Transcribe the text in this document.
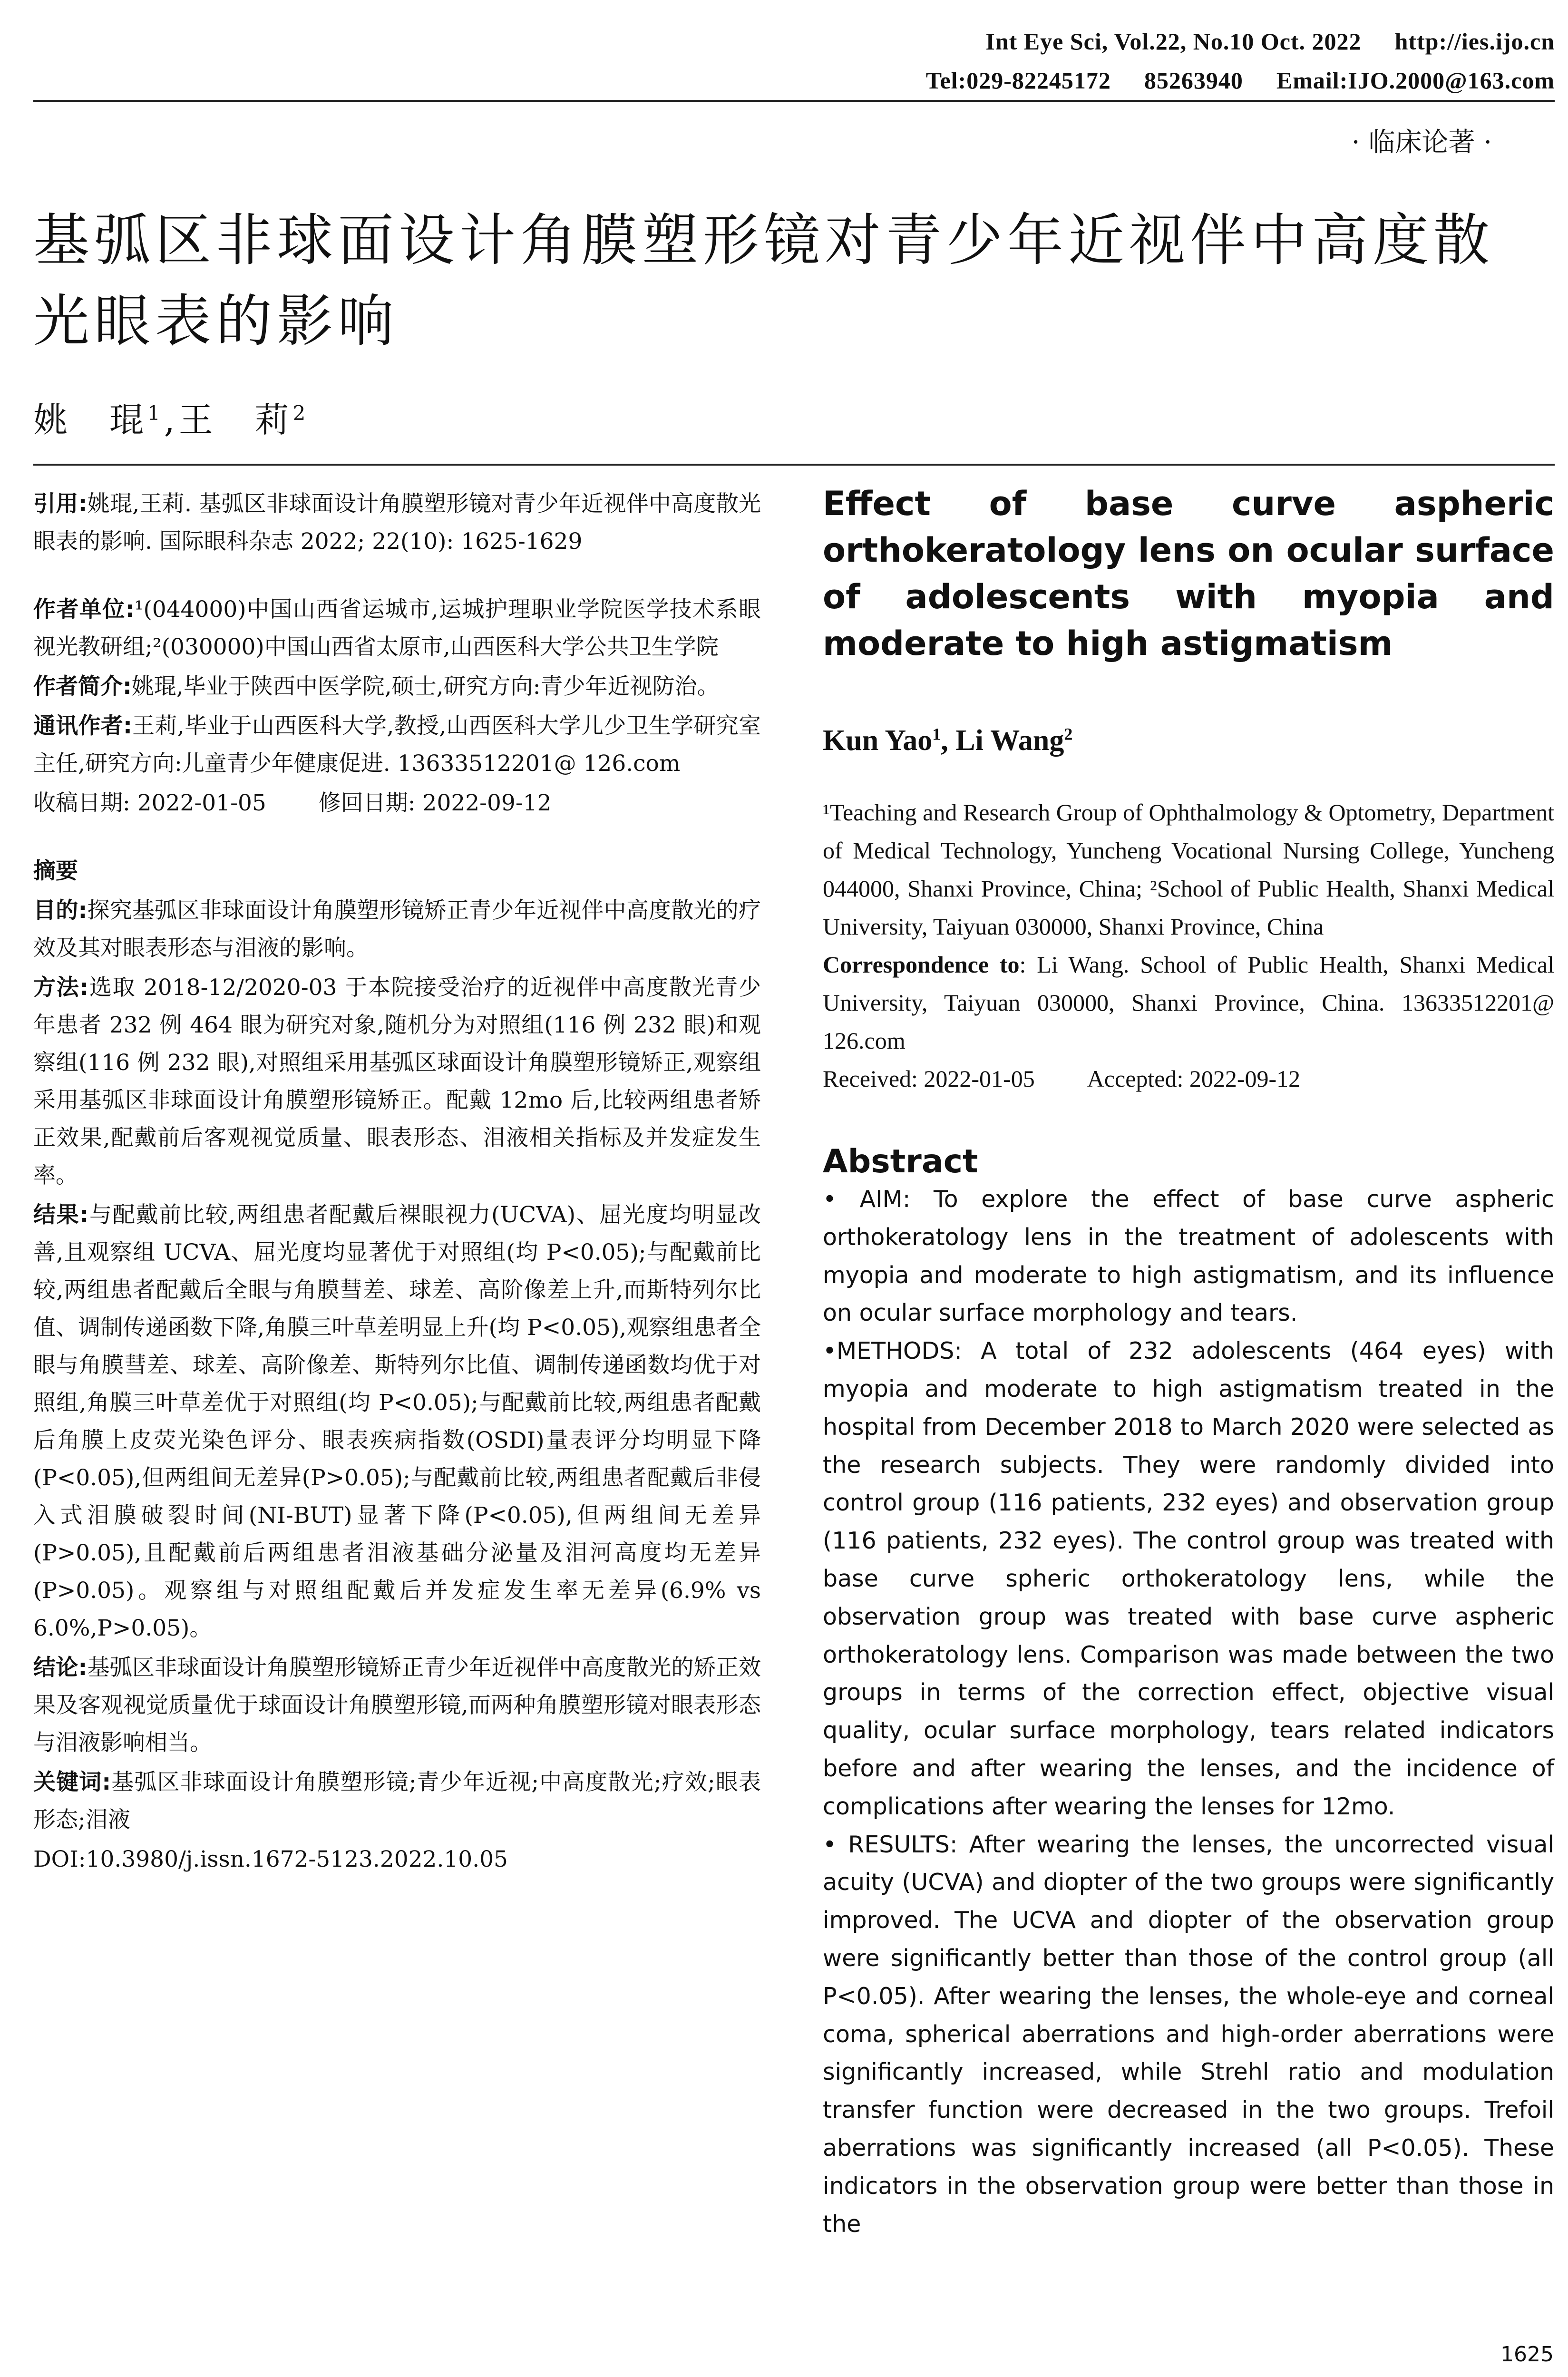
Int Eye Sci, Vol.22, No.10 Oct. 2022 http://ies.ijo.cn
Tel:029-82245172 85263940 Email:IJO.2000@163.com
· 临床论著 ·
基弧区非球面设计角膜塑形镜对青少年近视伴中高度散光眼表的影响
姚　琨$^1$,王　莉$^2$

引用:姚琨,王莉. 基弧区非球面设计角膜塑形镜对青少年近视伴中高度散光眼表的影响. 国际眼科杂志 2022; 22(10): 1625-1629

作者单位:¹(044000)中国山西省运城市,运城护理职业学院医学技术系眼视光教研组;²(030000)中国山西省太原市,山西医科大学公共卫生学院

作者简介:姚琨,毕业于陕西中医学院,硕士,研究方向:青少年近视防治。

通讯作者:王莉,毕业于山西医科大学,教授,山西医科大学儿少卫生学研究室主任,研究方向:儿童青少年健康促进. 13633512201@ 126.com

收稿日期: 2022-01-05 修回日期: 2022-09-12

摘要

目的:探究基弧区非球面设计角膜塑形镜矫正青少年近视伴中高度散光的疗效及其对眼表形态与泪液的影响。

方法:选取 2018-12/2020-03 于本院接受治疗的近视伴中高度散光青少年患者 232 例 464 眼为研究对象,随机分为对照组(116 例 232 眼)和观察组(116 例 232 眼),对照组采用基弧区球面设计角膜塑形镜矫正,观察组采用基弧区非球面设计角膜塑形镜矫正。配戴 12mo 后,比较两组患者矫正效果,配戴前后客观视觉质量、眼表形态、泪液相关指标及并发症发生率。

结果:与配戴前比较,两组患者配戴后裸眼视力(UCVA)、屈光度均明显改善,且观察组 UCVA、屈光度均显著优于对照组(均 P<0.05);与配戴前比较,两组患者配戴后全眼与角膜彗差、球差、高阶像差上升,而斯特列尔比值、调制传递函数下降,角膜三叶草差明显上升(均 P<0.05),观察组患者全眼与角膜彗差、球差、高阶像差、斯特列尔比值、调制传递函数均优于对照组,角膜三叶草差优于对照组(均 P<0.05);与配戴前比较,两组患者配戴后角膜上皮荧光染色评分、眼表疾病指数(OSDI)量表评分均明显下降(P<0.05),但两组间无差异(P>0.05);与配戴前比较,两组患者配戴后非侵入式泪膜破裂时间(NI-BUT)显著下降(P<0.05),但两组间无差异(P>0.05),且配戴前后两组患者泪液基础分泌量及泪河高度均无差异(P>0.05)。观察组与对照组配戴后并发症发生率无差异(6.9% vs 6.0%,P>0.05)。

结论:基弧区非球面设计角膜塑形镜矫正青少年近视伴中高度散光的矫正效果及客观视觉质量优于球面设计角膜塑形镜,而两种角膜塑形镜对眼表形态与泪液影响相当。

关键词:基弧区非球面设计角膜塑形镜;青少年近视;中高度散光;疗效;眼表形态;泪液

DOI:10.3980/j.issn.1672-5123.2022.10.05

Effect of base curve aspheric orthokeratology lens on ocular surface of adolescents with myopia and moderate to high astigmatism
Kun Yao$^1$, Li Wang$^2$
¹Teaching and Research Group of Ophthalmology & Optometry, Department of Medical Technology, Yuncheng Vocational Nursing College, Yuncheng 044000, Shanxi Province, China; ²School of Public Health, Shanxi Medical University, Taiyuan 030000, Shanxi Province, China
Correspondence to: Li Wang. School of Public Health, Shanxi Medical University, Taiyuan 030000, Shanxi Province, China. 13633512201@ 126.com
Received: 2022-01-05 Accepted: 2022-09-12
Abstract

• AIM: To explore the effect of base curve aspheric orthokeratology lens in the treatment of adolescents with myopia and moderate to high astigmatism, and its influence on ocular surface morphology and tears.

•METHODS: A total of 232 adolescents (464 eyes) with myopia and moderate to high astigmatism treated in the hospital from December 2018 to March 2020 were selected as the research subjects. They were randomly divided into control group (116 patients, 232 eyes) and observation group (116 patients, 232 eyes). The control group was treated with base curve spheric orthokeratology lens, while the observation group was treated with base curve aspheric orthokeratology lens. Comparison was made between the two groups in terms of the correction effect, objective visual quality, ocular surface morphology, tears related indicators before and after wearing the lenses, and the incidence of complications after wearing the lenses for 12mo.

• RESULTS: After wearing the lenses, the uncorrected visual acuity (UCVA) and diopter of the two groups were significantly improved. The UCVA and diopter of the observation group were significantly better than those of the control group (all P<0.05). After wearing the lenses, the whole-eye and corneal coma, spherical aberrations and high-order aberrations were significantly increased, while Strehl ratio and modulation transfer function were decreased in the two groups. Trefoil aberrations was significantly increased (all P<0.05). These indicators in the observation group were better than those in the

1625
